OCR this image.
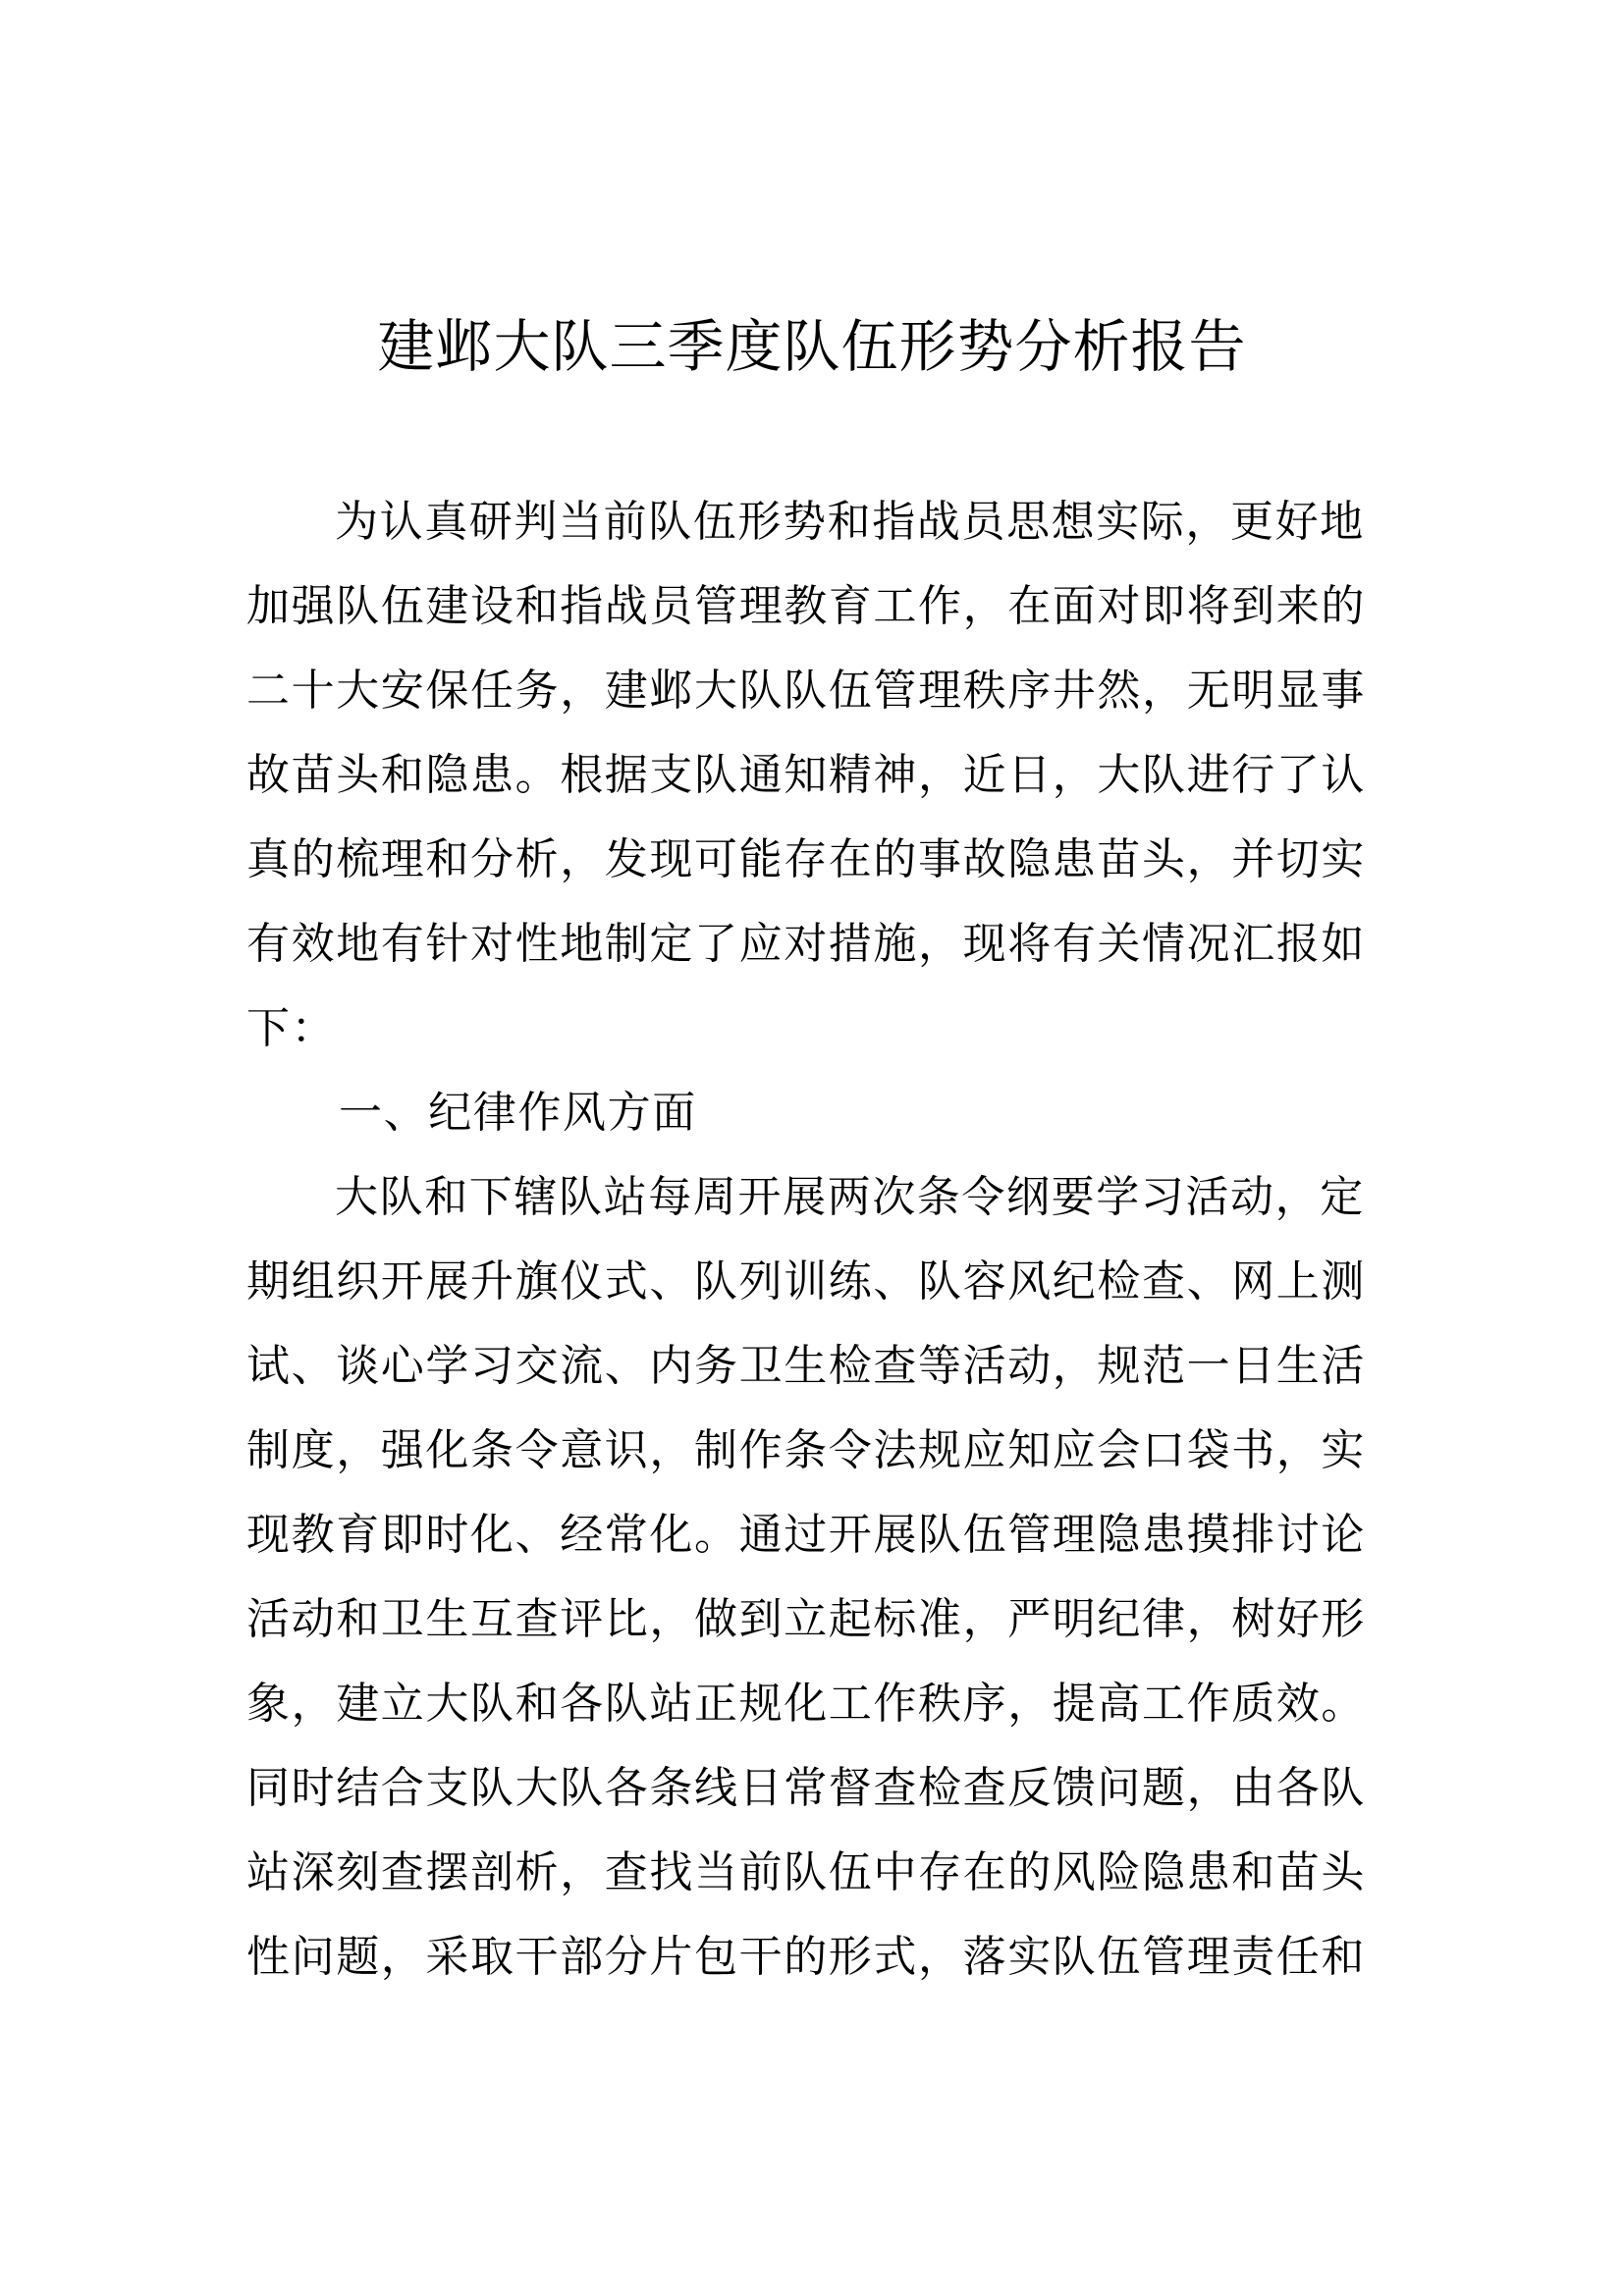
建邺大队三季度队伍形势分析报告
为认真研判当前队伍形势和指战员思想实际，更好地
加强队伍建设和指战员管理教育工作，在面对即将到来的
二十大安保任务，建邺大队队伍管理秩序井然，无明显事
故苗头和隐患。根据支队通知精神，近日，大队进行了认
真的梳理和分析，发现可能存在的事故隐患苗头，并切实
有效地有针对性地制定了应对措施，现将有关情况汇报如
下：
一、纪律作风方面
大队和下辖队站每周开展两次条令纲要学习活动，定
期组织开展升旗仪式、队列训练、队容风纪检查、网上测
试、谈心学习交流、内务卫生检查等活动，规范一日生活
制度，强化条令意识，制作条令法规应知应会口袋书，实
现教育即时化、经常化。通过开展队伍管理隐患摸排讨论
活动和卫生互查评比，做到立起标准，严明纪律，树好形
象，建立大队和各队站正规化工作秩序，提高工作质效。
同时结合支队大队各条线日常督查检查反馈问题，由各队
站深刻查摆剖析，查找当前队伍中存在的风险隐患和苗头
性问题，采取干部分片包干的形式，落实队伍管理责任和
